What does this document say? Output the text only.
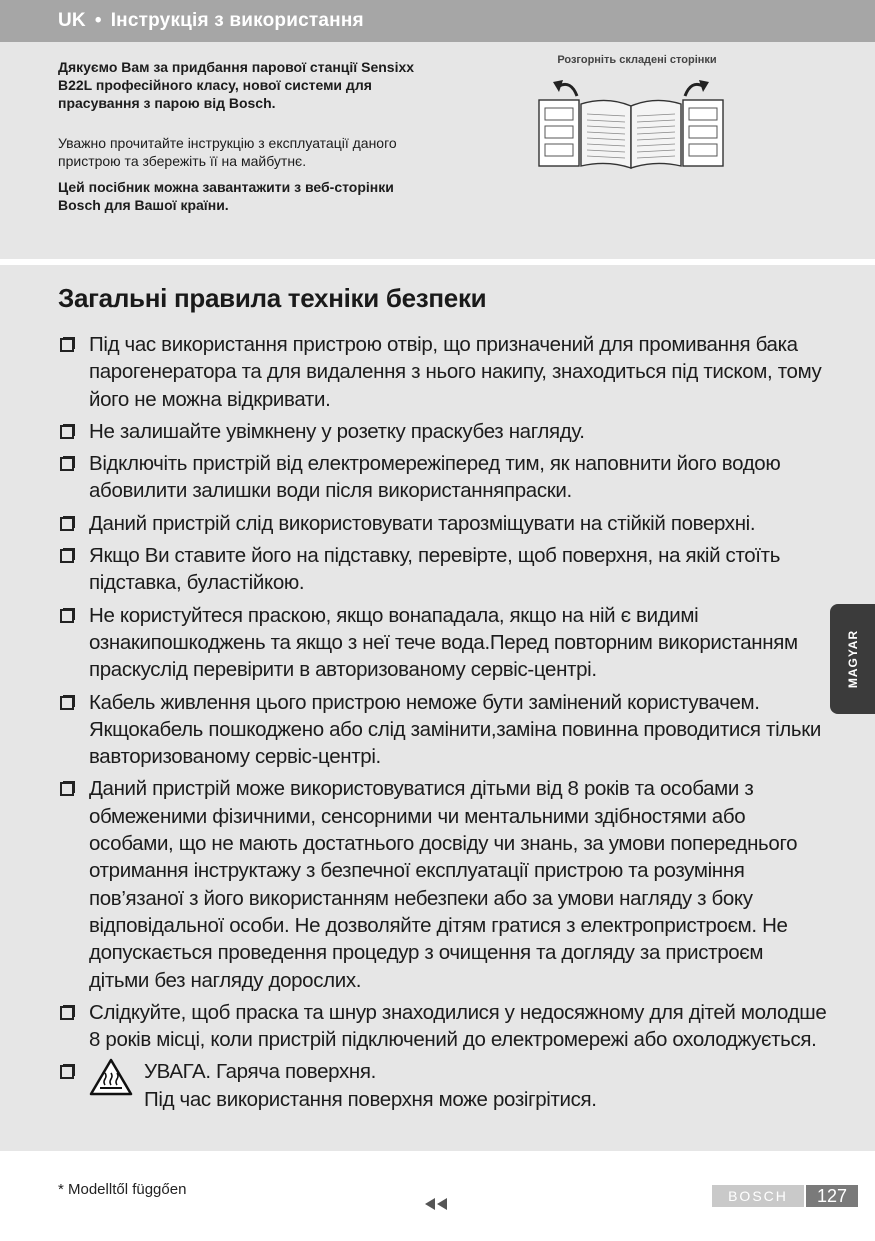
UK • Інструкція з використання

Дякуємо Вам за придбання парової станції Sensixx B22L професійного класу, нової системи для прасування з парою від Bosch.

Уважно прочитайте інструкцію з експлуатації даного пристрою та збережіть її на майбутнє.

Цей посібник можна завантажити з веб-сторінки Bosch для Вашої країни.

Розгорніть складені сторінки
Загальні правила техніки безпеки
Під час використання пристрою отвір, що призначений для промивання бака парогенератора та для видалення з нього накипу, знаходиться під тиском, тому його не можна відкривати.
Не залишайте увімкнену у розетку праскубез нагляду.
Відключіть пристрій від електромережіперед тим, як наповнити його водою абовилити залишки води після використанняпраски.
Даний пристрій слід використовувати тарозміщувати на стійкій поверхні.
Якщо Ви ставите його на підставку, перевірте, щоб поверхня, на якій стоїть підставка, буластійкою.
Не користуйтеся праскою, якщо вонападала, якщо на ній є видимі ознакипошкоджень та якщо з неї тече вода.Перед повторним використанням праскуслід перевірити в авторизованому сервіс-центрі.
Кабель живлення цього пристрою неможе бути замінений користувачем. Якщокабель пошкоджено або слід замінити,заміна повинна проводитися тільки вавторизованому сервіс-центрі.
Даний пристрій може використовуватися дітьми від 8 років та особами з обмеженими фізичними, сенсорними чи ментальними здібностями або особами, що не мають достатнього досвіду чи знань, за умови попереднього отримання інструктажу з безпечної експлуатації пристрою та розуміння пов’язаної з його використанням небезпеки або за умови нагляду з боку відповідальної особи. Не дозволяйте дітям гратися з електропристроєм. Не допускається проведення процедур з очищення та догляду за пристроєм дітьми без нагляду дорослих.
Слідкуйте, щоб праска та шнур знаходилися у недосяжному для дітей молодше 8 років місці, коли пристрій підключений до електромережі або охолоджується.
УВАГА. Гаряча поверхня.
Під час використання поверхня може розігрітися.
MAGYAR
* Modelltől függően	BOSCH	127
